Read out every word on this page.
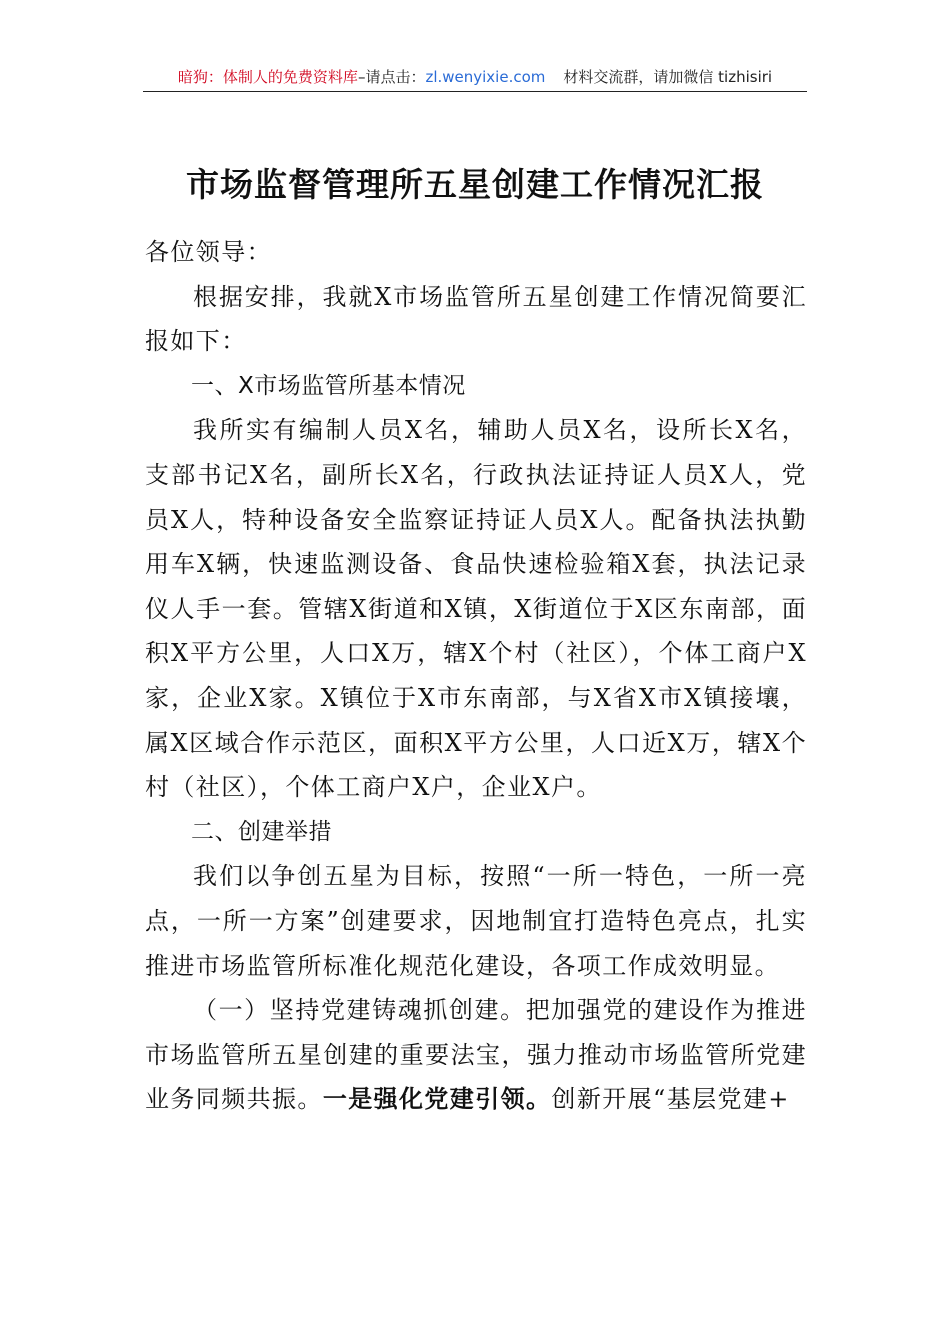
暗狗：体制人的免费资料库–请点击：zl.wenyixie.com 材料交流群，请加微信 tizhisiri
市场监督管理所五星创建工作情况汇报

各位领导：

根据安排，我就X市场监管所五星创建工作情况简要汇报如下：

一、X市场监管所基本情况

我所实有编制人员X名，辅助人员X名，设所长X名，支部书记X名，副所长X名，行政执法证持证人员X人，党员X人，特种设备安全监察证持证人员X人。配备执法执勤用车X辆，快速监测设备、食品快速检验箱X套，执法记录仪人手一套。管辖X街道和X镇，X街道位于X区东南部，面积X平方公里，人口X万，辖X个村（社区），个体工商户X家，企业X家。X镇位于X市东南部，与X省X市X镇接壤，属X区域合作示范区，面积X平方公里，人口近X万，辖X个村（社区），个体工商户X户，企业X户。

二、创建举措

我们以争创五星为目标，按照“一所一特色，一所一亮点，一所一方案”创建要求，因地制宜打造特色亮点，扎实推进市场监管所标准化规范化建设，各项工作成效明显。

（一）坚持党建铸魂抓创建。把加强党的建设作为推进市场监管所五星创建的重要法宝，强力推动市场监管所党建业务同频共振。一是强化党建引领。创新开展“基层党建+
